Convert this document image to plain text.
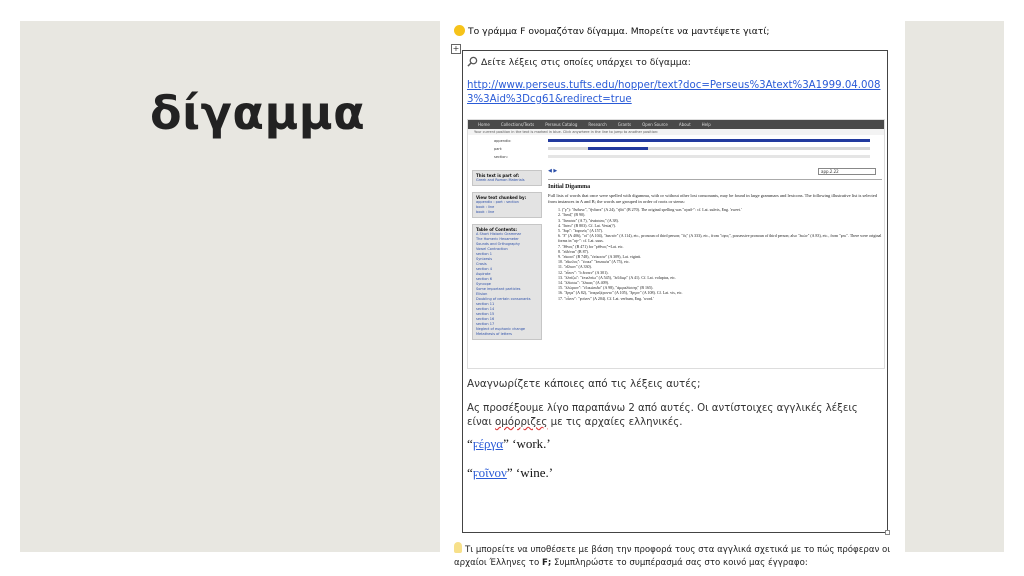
δίγαμμα
Το γράμμα Ϝ ονομαζόταν δίγαμμα. Μπορείτε να μαντέψετε γιατί;
+
Δείτε λέξεις στις οποίες υπάρχει το δίγαμμα:
http://www.perseus.tufts.edu/hopper/text?doc=Perseus%3Atext%3A1999.04.0083%3Aid%3Dcg61&redirect=true
Home	Collections/Texts	Perseus Catalog	Research	Grants	Open Source	About	Help
Your current position in the text is marked in blue. Click anywhere in the line to jump to another position:
appendix:
part:
section:
This text is part of:
Greek and Roman Materials
View text chunked by:
appendix : part : section
book : line
book : line
Table of Contents:
A Short Historic Grammar
The Homeric Hexameter
Sounds and Orthography
Vowel Contraction
section 1
Synizesis
Crasis
section 4
Aspirate
section 6
Syncope
Some important particles
Elision
Doubling of certain consonants
section 11
section 14
section 15
section 16
section 17
Neglect of euphonic change
Metathesis of letters
◀ ▶	app.2.22
Initial Digamma
Full lists of words that once were spelled with digamma, with or without other lost consonants, may be found in large grammars and lexicons. The following illustrative list is selected from instances in A and B; the words are grouped in order of roots or stems:
1. ("ϝ"): "ἅνδανε", "ἥνδανε" (A 24), "ἡδύ" (B 270). The original spelling was "σϝαδ-": cf. Lat. suāvis, Eng. 'sweet.'
2. "ἄναξ" (B 90).
3. "ἄνασσε" (A 7), "ἀνάσσεις" (A 38).
4. "ἄστυ" (B 803). Cf. Lat. Vesta(?).
5. "ἔαρ": "ἐαρινός" (A 157).
6. "ἕ" (A 406), "οἱ" (A 104), "ἑαυτόν" (A 114), etc., pronoun of third person; "ὅς" (A 333), etc., from "σϝος", possessive pronoun of third person; also "ἑκών" (A 83), etc., from "ϝεκ". There were original forms in "σϝ-": cf. Lat. suus.
7. "ἔθνος" (B 471) for "ϝέθνος"=Lat. etc.
8. "εἰδέναι" (B 87).
9. "εἰκοσι" (B 748), "ἐείκοσιν" (A 309), Lat. viginti.
10. "εἴκελος": "ἐοικε" "ἐπιεικέα" (A 75), etc.
11. "εἴλυον" (A 330).
12. "εἶπον": "ὁ ἔειπεν" (A 301).
13. "ἑλπίζω": "ἐπιελπίω" (A 545), "ἐέλδωρ" (A 41). Cf. Lat. voluptas, etc.
14. "ἑλίσσω": "ἑλικας" (A 409).
15. "ἑλώριον": "ἑλικώπιδα" (A 98), "ἀμφιελίσσης" (B 165).
16. "ἔργα" (A 82), "ὑπερεξέροντο" (A 105), "ἔργον" (A 108). Cf. Lat. vis, etc.
17. "οἶνον": "ϝοίνον" (A 204). Cf. Lat. verbum, Eng. 'word.'
Αναγνωρίζετε κάποιες από τις λέξεις αυτές;
Ας προσέξουμε λίγο παραπάνω 2 από αυτές. Οι αντίστοιχες αγγλικές λέξεις είναι ομόρριζες με τις αρχαίες ελληνικές.
“ϝέργα” ‘work.’
“ϝοῖνον” ‘wine.’
Τι μπορείτε να υποθέσετε με βάση την προφορά τους στα αγγλικά σχετικά με το πώς πρόφεραν οι αρχαίοι Έλληνες το Ϝ; Συμπληρώστε το συμπέρασμά σας στο κοινό μας έγγραφο:
